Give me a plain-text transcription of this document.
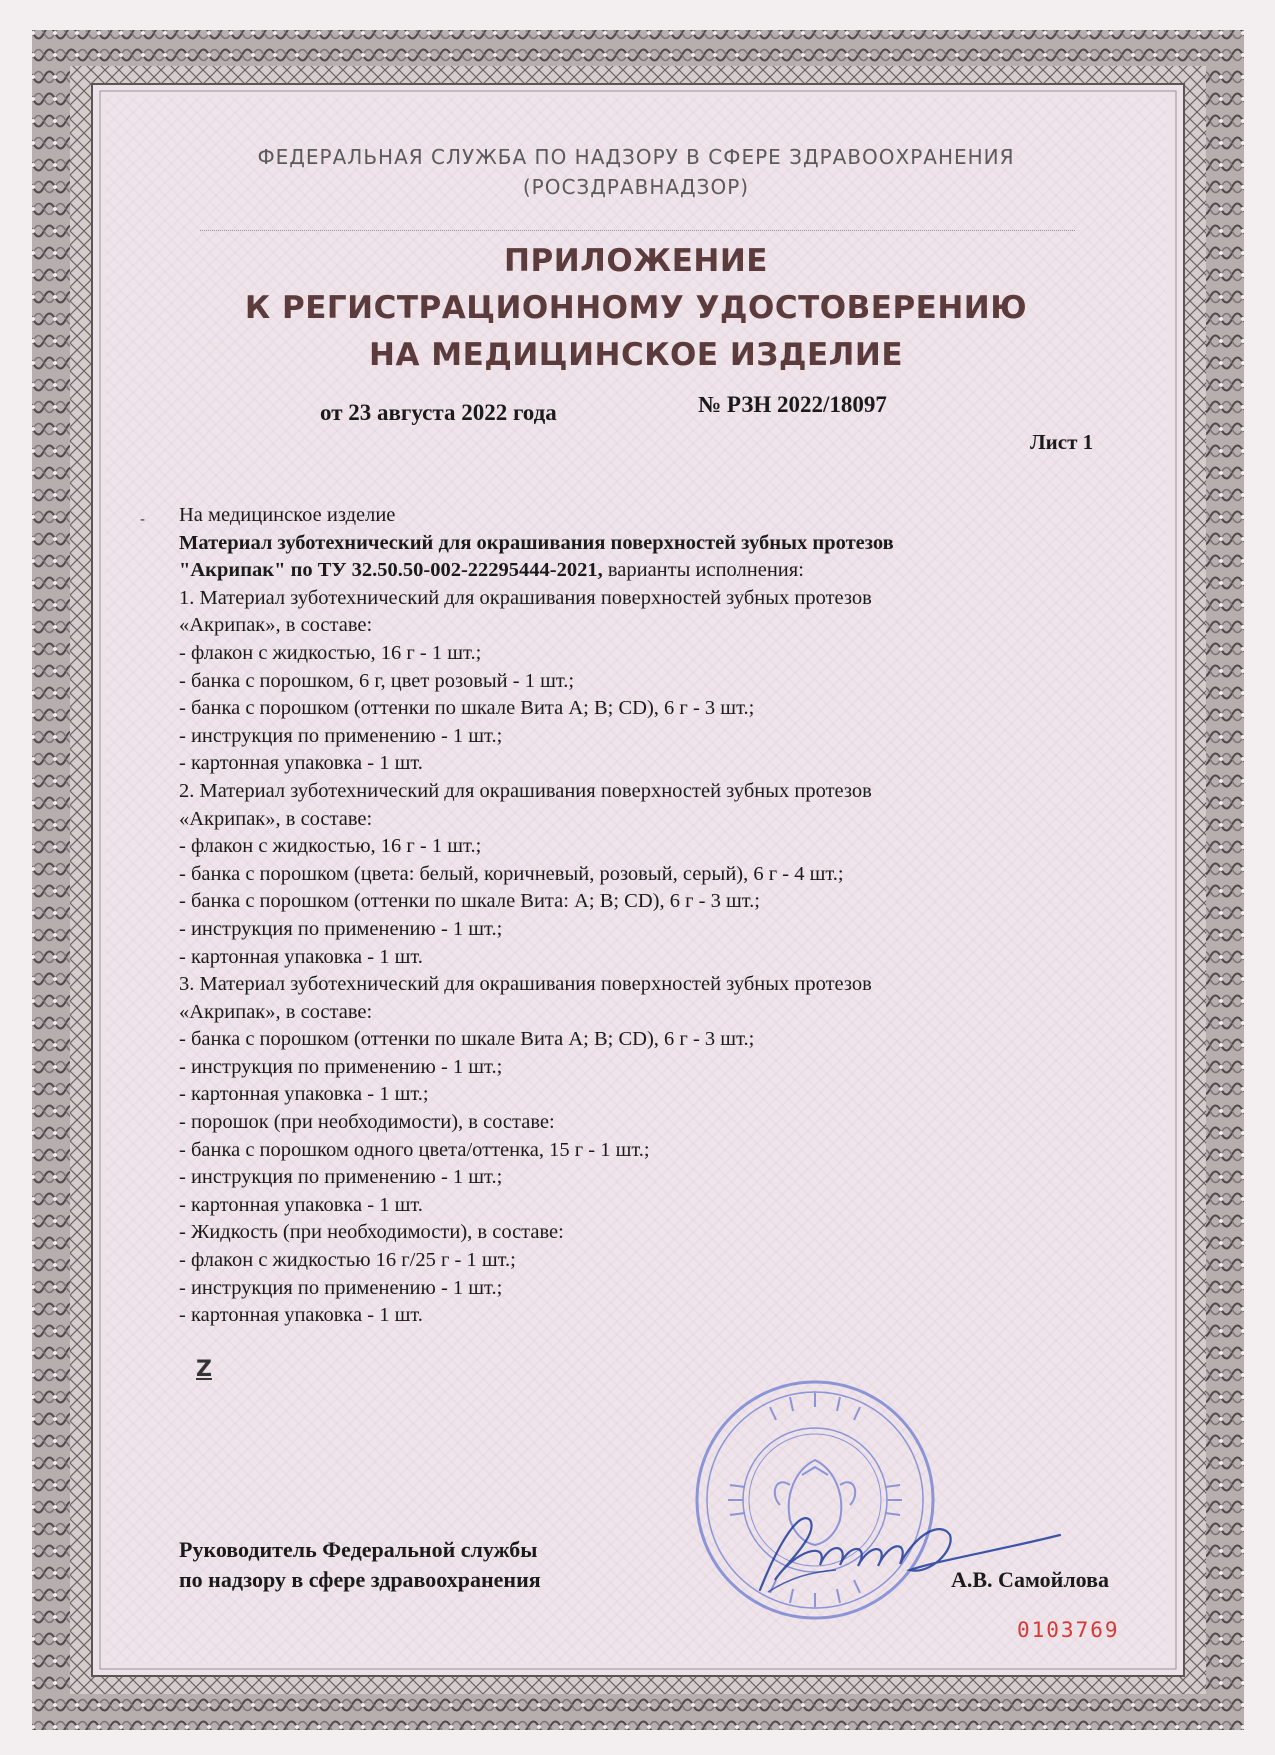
ФЕДЕРАЛЬНАЯ СЛУЖБА ПО НАДЗОРУ В СФЕРЕ ЗДРАВООХРАНЕНИЯ
(РОСЗДРАВНАДЗОР)
ПРИЛОЖЕНИЕ
К РЕГИСТРАЦИОННОМУ УДОСТОВЕРЕНИЮ
НА МЕДИЦИНСКОЕ ИЗДЕЛИЕ
от 23 августа 2022 года	№ РЗН 2022/18097
Лист 1
- На медицинское изделие
Материал зуботехнический для окрашивания поверхностей зубных протезов
"Акрипак" по ТУ 32.50.50-002-22295444-2021, варианты исполнения:
1. Материал зуботехнический для окрашивания поверхностей зубных протезов
«Акрипак», в составе:
- флакон с жидкостью, 16 г - 1 шт.;
- банка с порошком, 6 г, цвет розовый - 1 шт.;
- банка с порошком (оттенки по шкале Вита А; В; CD), 6 г - 3 шт.;
- инструкция по применению - 1 шт.;
- картонная упаковка - 1 шт.
2. Материал зуботехнический для окрашивания поверхностей зубных протезов
«Акрипак», в составе:
- флакон с жидкостью, 16 г - 1 шт.;
- банка с порошком (цвета: белый, коричневый, розовый, серый), 6 г - 4 шт.;
- банка с порошком (оттенки по шкале Вита: А; В; CD), 6 г - 3 шт.;
- инструкция по применению - 1 шт.;
- картонная упаковка - 1 шт.
3. Материал зуботехнический для окрашивания поверхностей зубных протезов
«Акрипак», в составе:
- банка с порошком (оттенки по шкале Вита А; В; CD), 6 г - 3 шт.;
- инструкция по применению - 1 шт.;
- картонная упаковка - 1 шт.;
- порошок (при необходимости), в составе:
- банка с порошком одного цвета/оттенка, 15 г - 1 шт.;
- инструкция по применению - 1 шт.;
- картонная упаковка - 1 шт.
- Жидкость (при необходимости), в составе:
- флакон с жидкостью 16 г/25 г - 1 шт.;
- инструкция по применению - 1 шт.;
- картонная упаковка - 1 шт.
Z
Руководитель Федеральной службы
по надзору в сфере здравоохранения	А.В. Самойлова
0103769
